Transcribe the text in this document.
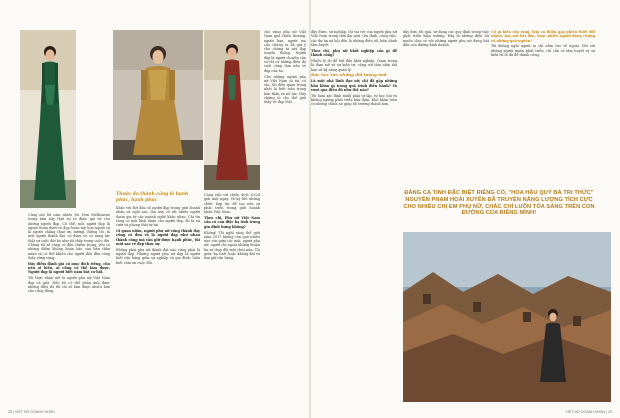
Cũng nói lời cảm nhiều lời. Đơn Melbourne trong tâm này thật sự rõ được giá trị của những người đẹp. Có thể, mỗi người đẹp là người thơm dưới vẻ đẹp hoàn mỹ hơn người và là người chẳng thuở ưu hướng. Riêng tôi, là một người thành đạt, có được vẻ có năng lực thật sự cuộc đời họ như tôi thấy trong cuộc đời. Chúng tôi sẽ cùng có đầu chiếm trọng, yêu có những điểm không hoàn hảo của bản thân mình và có thể khiến cho người đến đâu cũng thấy vững vàng.

Đây điểm đánh giá có mục đích riêng, cho nên ai hiểu, ai cũng có thể làm được. Người đẹp là người biết nắm bắt cơ hội.

Tôi thực nhận xét là người phụ nữ Việt Nam đẹp và giỏi. Nếu tôi có thể phản ánh được những điều đó thì tôi sẽ làm được nhiều hơn cho cộng đồng.

Thước đo thành công là hạnh phúc, hạnh phúc

Khác với đợt đầu số người đẹp trong giới doanh nhân và ngôi sao, lần này có rất nhiều người tham gia từ các ngành nghề khác nhau. Chị tin rằng có một khái niệm cho người đẹp, đó là nụ cười và phong thái tự tin.

Gì quan niệm, người phụ nữ công thành đạy cũng có đơn và là người đẹp như nhau thành công mà vẫn giữ được hạnh phúc, thì mới sao vẻ đẹp thực sự.

Không phải phụ nữ thành đạt nào cũng phải là người đẹp. Nhưng người phụ nữ đẹp là người biết cân bằng giữa sự nghiệp và gia đình, luôn biết cảm ơn cuộc đời.

Công việc với chiến dịch 20/24 giải một ngày. Và ký kết những chiếc hợp tác để tạo nên sự phát triển trong giới doanh nhân Việt Nam.

Theo chị, Phụ nữ Việt Nam cần có con điệc bạ tình trong gìn định hưng không?

Không! Tôi nghĩ rằng thể giới năm 2017 không còn quá nhiều nào còn giữa các mặt, người phụ nữ, người chỉ ngoài những thuận ba và thay đổi một chút nữa. Tôi giữa 'bạ tình' hoặc không khí và tìm giữ cân bằng.

cho rằng phụ nữ Việt Nam quá chiều thương, người bạn, người mẹ của chúng ta đã gợi ý cho chúng ta nét đẹp truyền thống. Người đẹp là người chuyên cần và tất cả những điều đó cuối cùng làm nên vẻ đẹp của họ.

Cho những người phụ nữ Việt Nam có tài, có sắc, thì điều quan trọng nhất là biết trân trọng bản thân và nỗ lực. Hãy chứng tỏ cho thế giới thấy vẻ đẹp Việt.

28 | VIỆT NỮ DOANH NHÂN

đấy được, sự nghiệp, tối vai trò của người phụ nữ Việt Nam trong thời đại mới. Gia đình, công việc, các dự án xã hội đều là những điều tôi luôn dành tâm huyết.

Theo chị, phụ nữ khởi nghiệp cần gì để thành công?

Nhiều lý do để bắt đầu khởi nghiệp. Quan trọng là đam mê và sự kiên trì, cộng với tầm nhìn dài hạn và kỹ năng quản lý.

Bức học tìm những đối tượng mới

Là một nhà lãnh đạo nữ, chị đã gặp những khó khăn gì trong quá trình điều hành? Và vượt qua điều đó như thế nào?

Tôi luôn xác định mình phải tự lập, tự học hỏi và không ngừng phát triển bản thân. Khó khăn luôn có nhưng chính nó giúp tôi trưởng thành hơn.

dây dưa, tối quá, sử dụng các quy định trong việc phát triển hiện trường. Đây là những điều tôi muốn chia sẻ với những người phụ nữ đang bắt đầu con đường kinh doanh.

Cố gì kiến cho rằng, lòm cá thiện gặp phiên thiết đối nhóm: hay nói bắt đầu, hoặc nhiều người đang chứng có những quả nguồn?

Tôi không nghĩ người ta chỉ nhìn vào vẻ ngoài. Đối với những người muốn phát triển, chỉ cần có tâm huyết và sự kiên trì là đủ để thành công.

ĐẲNG CA TINH ĐẶC BIỆT RIÊNG CÓ, "HOA HẬU QUÝ BÀ TRI THỨC" NGUYỄN PHẠM HOÀI XUYÊN ĐÃ TRUYỀN NĂNG LƯỢNG TÍCH CỰC CHO NHIỀU CHỊ EM PHỤ NỮ, CHẮC CHỈ LUÔN TỎA SÁNG TRÊN CON ĐƯỜNG CỦA RIÊNG MÌNH!
VIỆT NỮ DOANH NHÂN | 29
